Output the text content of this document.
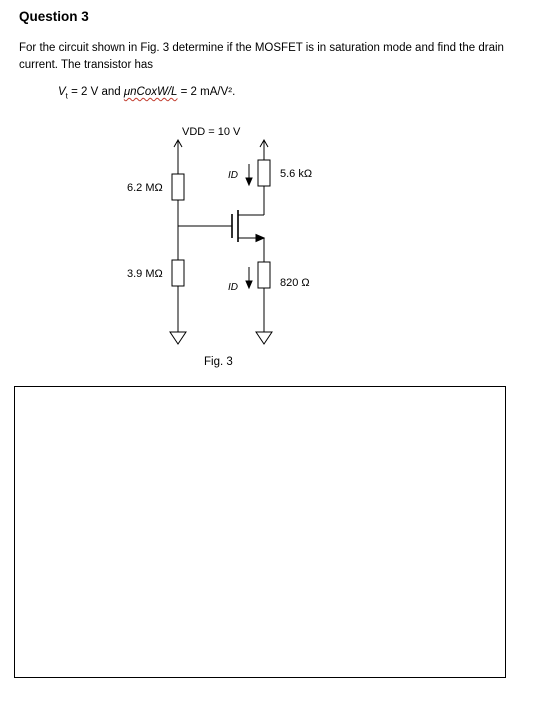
Question 3
For the circuit shown in Fig. 3 determine if the MOSFET is in saturation mode and find the drain current. The transistor has
$V_t = 2$ V and μnCoxW/L = 2 mA/V².
VDD = 10 V
6.2 MΩ
3.9 MΩ
5.6 kΩ
820 Ω
ID
ID
Fig. 3
